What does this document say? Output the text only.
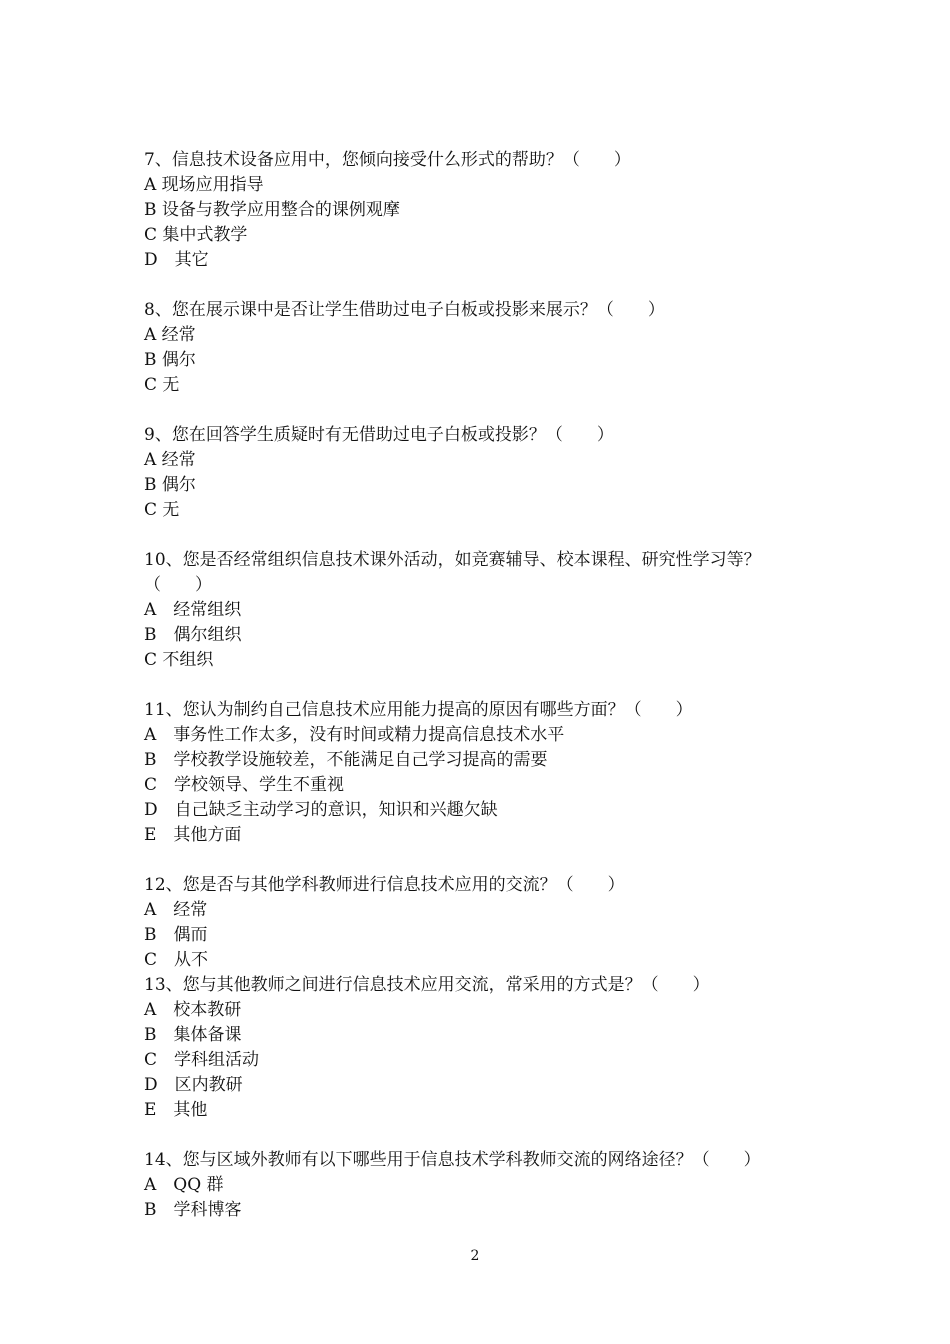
7、信息技术设备应用中，您倾向接受什么形式的帮助？（　　）
A 现场应用指导
B 设备与教学应用整合的课例观摩
C 集中式教学
D　其它
8、您在展示课中是否让学生借助过电子白板或投影来展示？（　　）
A 经常
B 偶尔
C 无
9、您在回答学生质疑时有无借助过电子白板或投影？（　　）
A 经常
B 偶尔
C 无
10、您是否经常组织信息技术课外活动，如竞赛辅导、校本课程、研究性学习等？（　　）
A　经常组织
B　偶尔组织
C 不组织
11、您认为制约自己信息技术应用能力提高的原因有哪些方面？（　　）
A　事务性工作太多，没有时间或精力提高信息技术水平
B　学校教学设施较差，不能满足自己学习提高的需要
C　学校领导、学生不重视
D　自己缺乏主动学习的意识，知识和兴趣欠缺
E　其他方面
12、您是否与其他学科教师进行信息技术应用的交流？（　　）
A　经常
B　偶而
C　从不
13、您与其他教师之间进行信息技术应用交流，常采用的方式是？（　　）
A　校本教研
B　集体备课
C　学科组活动
D　区内教研
E　其他
14、您与区域外教师有以下哪些用于信息技术学科教师交流的网络途径？（　　）
A　QQ 群
B　学科博客
2
